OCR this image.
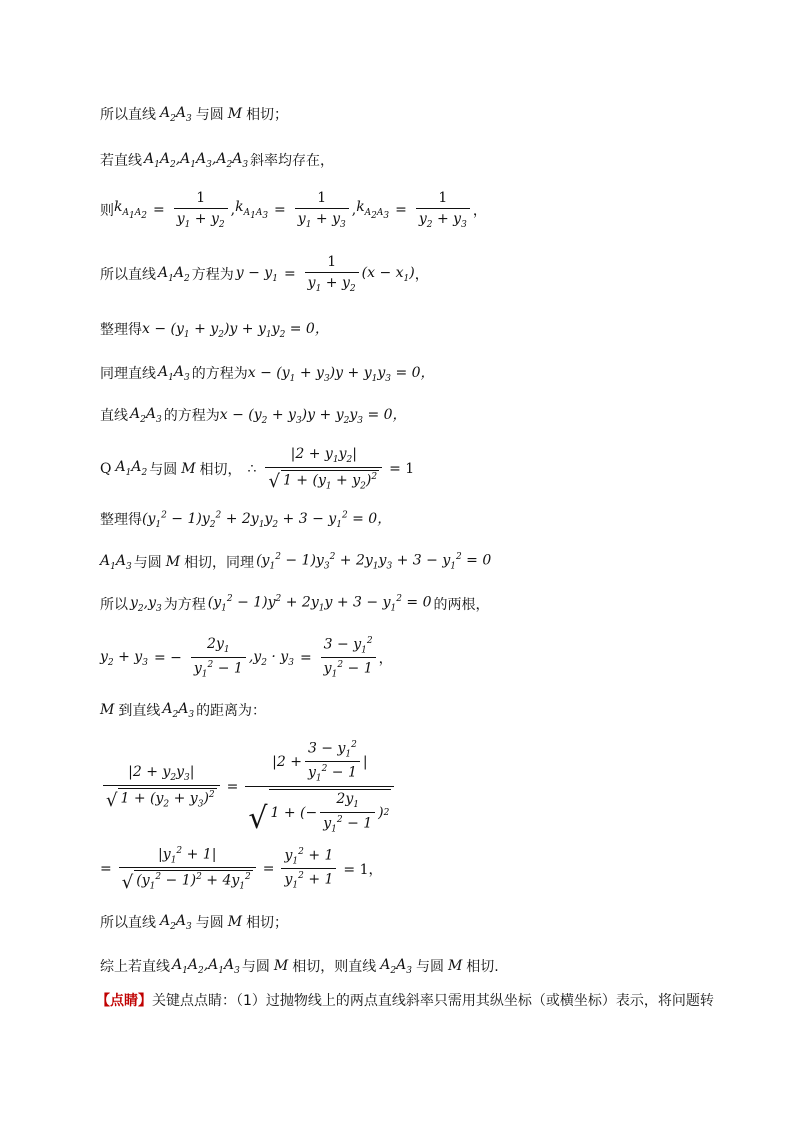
所以直线 $A_2A_3$ 与圆 M 相切；
若直线 $A_1A_2,A_1A_3,A_2A_3$ 斜率均存在，
则 $k_{A_1A_2} = \frac{1}{y_1 + y_2}$ , $k_{A_1A_3} = \frac{1}{y_1 + y_3}$ , $k_{A_2A_3} = \frac{1}{y_2 + y_3}$ ，
所以直线 $A_1A_2$ 方程为 $y - y_1 = \frac{1}{y_1 + y_2} (x - x_1)$ ，
整理得 $x - (y_1 + y_2)y + y_1y_2 = 0$，
同理直线 $A_1A_3$ 的方程为 $x - (y_1 + y_3)y + y_1y_3 = 0$，
直线 $A_2A_3$ 的方程为 $x - (y_2 + y_3)y + y_2y_3 = 0$，
Q $A_1A_2$ 与圆 M 相切， ∴ $\frac{|2 + y_1y_2|}{√ 1 + (y_1 + y_2)^2} = 1$
整理得 $(y_1^2 - 1)y_2^2 + 2y_1y_2 + 3 - y_1^2 = 0$，
$A_1A_3$ 与圆 M 相切，同理 $(y_1^2 - 1)y_3^2 + 2y_1y_3 + 3 - y_1^2 = 0$
所以 $y_2,y_3$ 为方程 $(y_1^2 - 1)y^2 + 2y_1y + 3 - y_1^2 = 0$ 的两根，
$y_2 + y_3$ = − $\frac{2y_1}{y_1^2 - 1} ,y_2 \cdot y_3 = \frac{3 - y_1^2}{y_1^2 - 1}$ ，
M 到直线 $A_2A_3$ 的距离为：
$\frac{|2 + y_2y_3|}{√ 1 + (y_2 + y_3)^2} = \frac{|2 + \frac{3 - y_1^2}{y_1^2 - 1} |}{√ 1 + (- \frac{2y_1}{y_1^2 - 1} ) 2}$
= $\frac{|y_1^2 + 1|}{√ (y_1^2 - 1)^2 + 4y_1^2} = \frac{y_1^2 + 1}{y_1^2 + 1} = 1$，
所以直线 $A_2A_3$ 与圆 M 相切；
综上若直线 $A_1A_2,A_1A_3$ 与圆 M 相切，则直线 $A_2A_3$ 与圆 M 相切.
【点睛】 关键点点睛：（1）过抛物线上的两点直线斜率只需用其纵坐标（或横坐标）表示，将问题转
